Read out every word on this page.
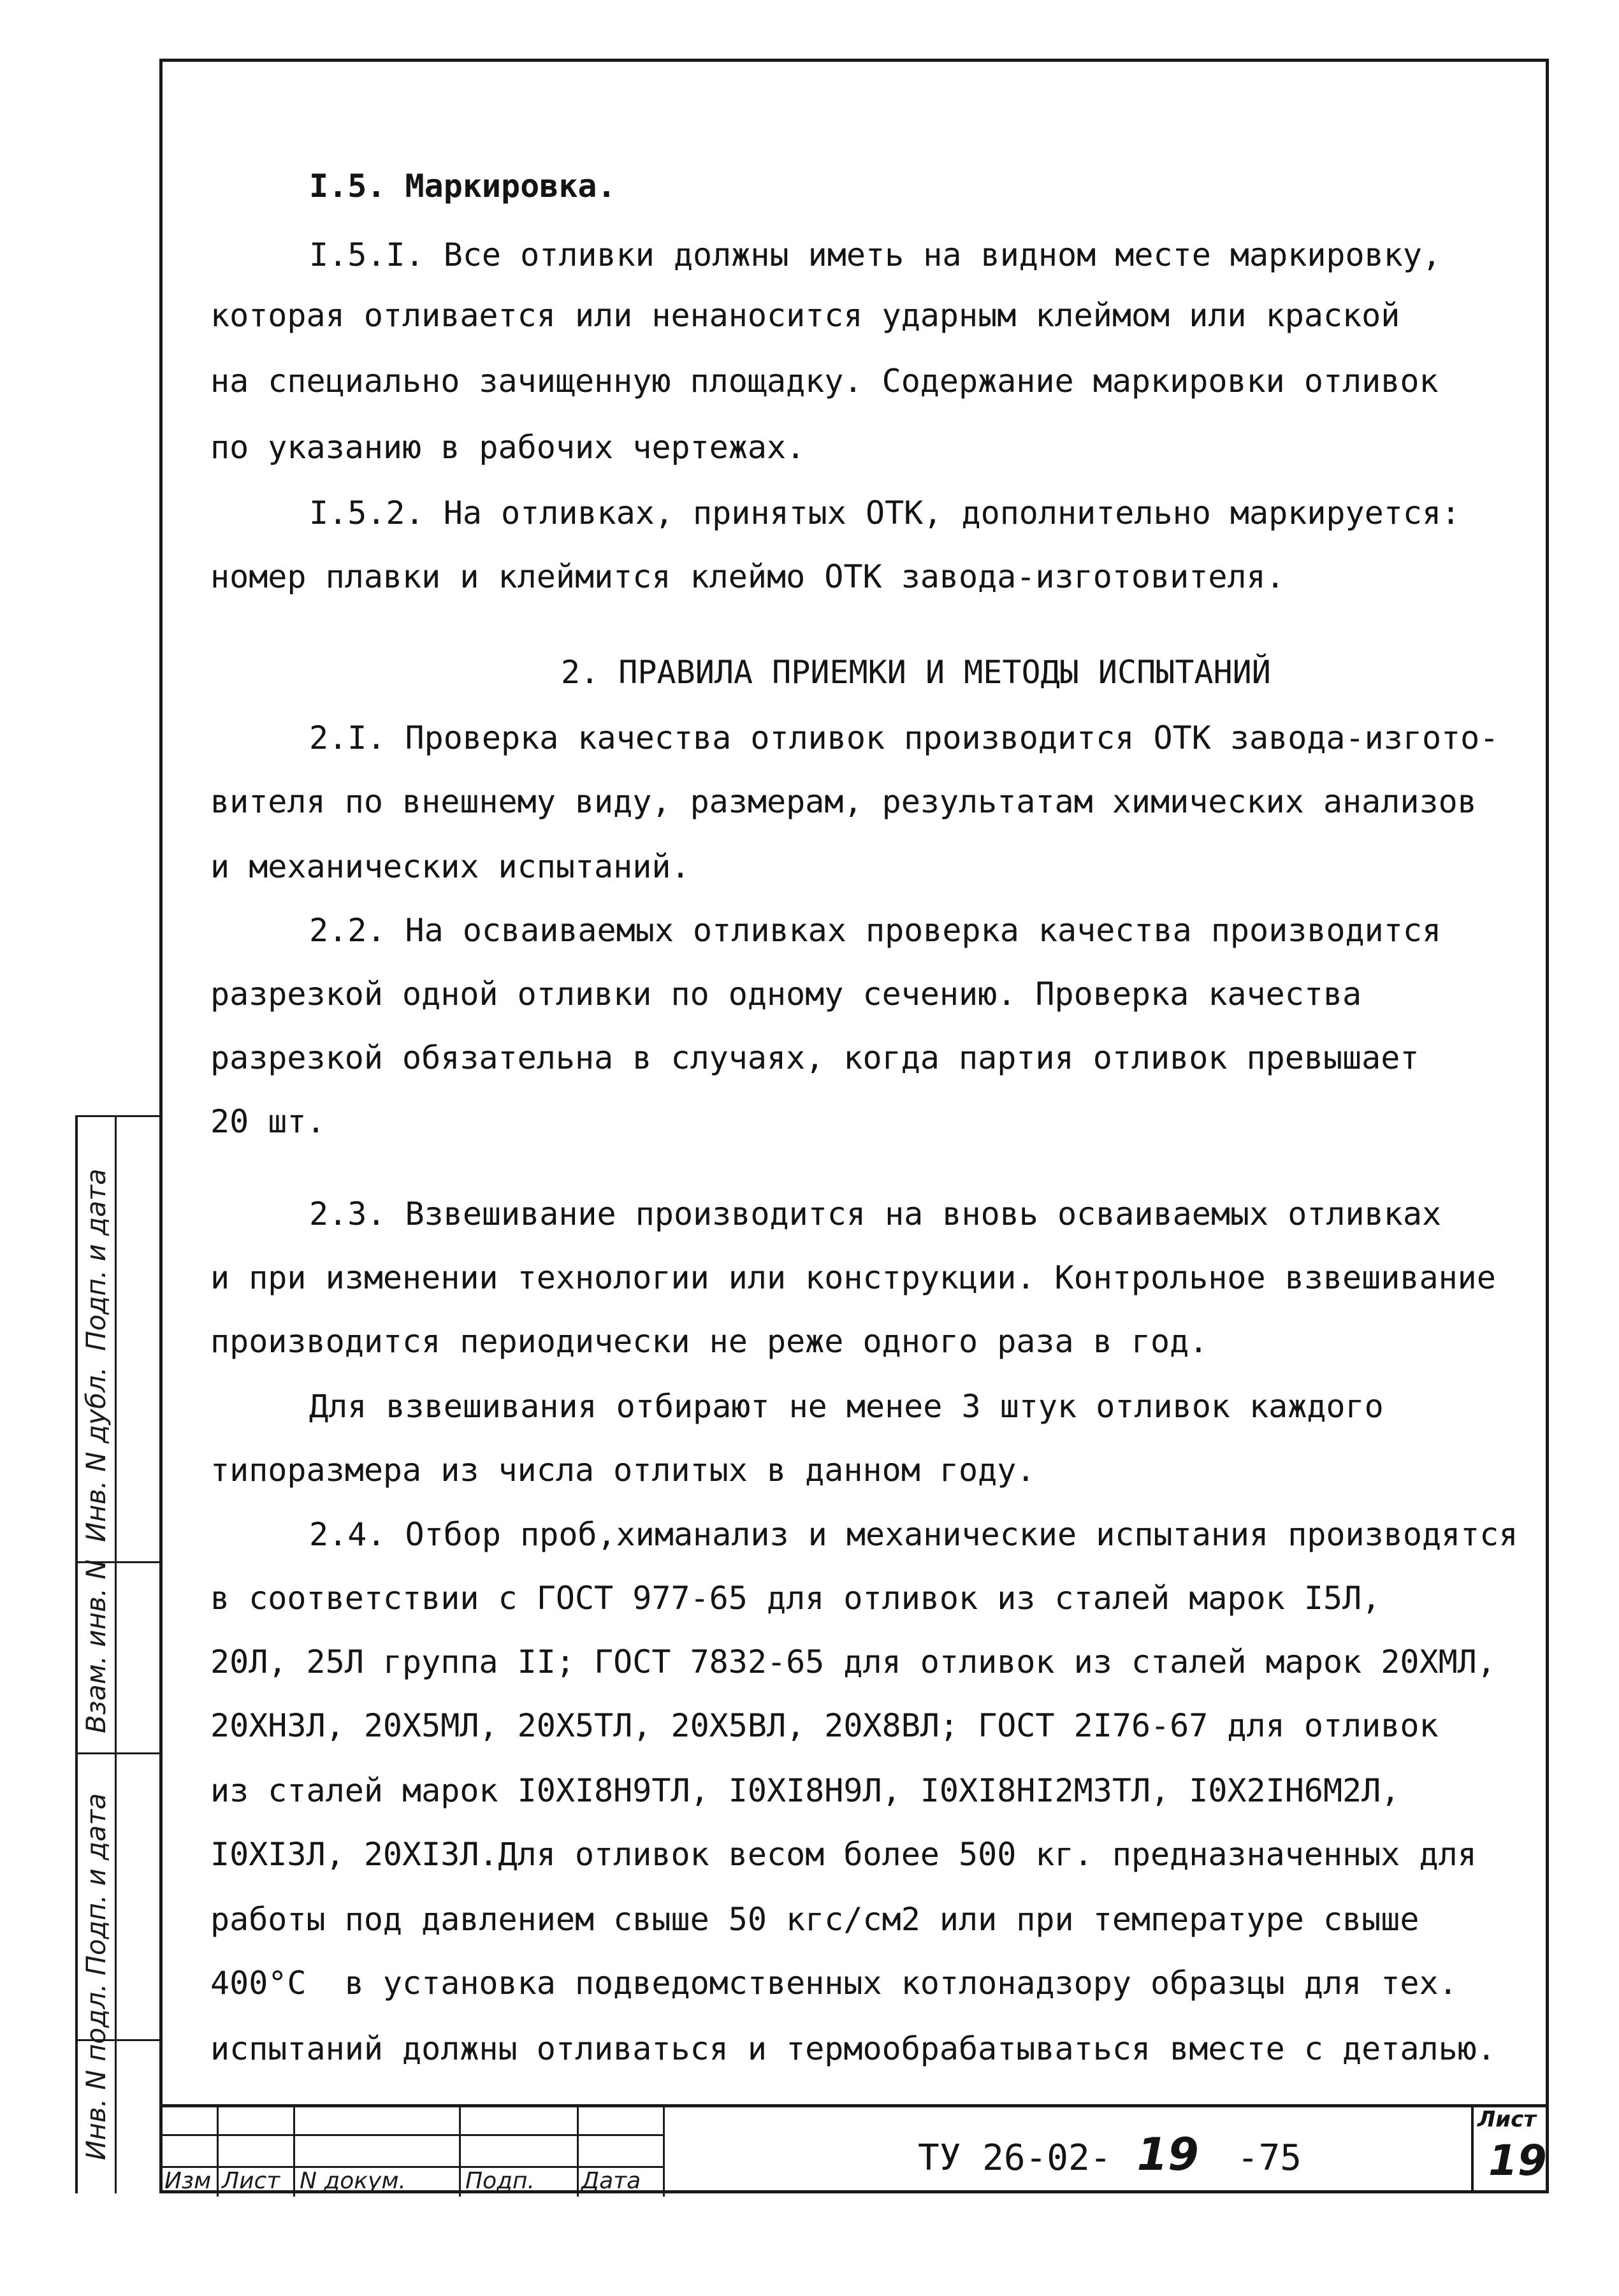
I.5. Маркировка.
I.5.I. Все отливки должны иметь на видном месте маркировку,
которая отливается или ненаносится ударным клеймом или краской
на специально зачищенную площадку. Содержание маркировки отливок
по указанию в рабочих чертежах.
I.5.2. На отливках, принятых ОТК, дополнительно маркируется:
номер плавки и клеймится клеймо ОТК завода-изготовителя.
2. ПРАВИЛА ПРИЕМКИ И МЕТОДЫ ИСПЫТАНИЙ
2.I. Проверка качества отливок производится ОТК завода-изгото-
вителя по внешнему виду, размерам, результатам химических анализов
и механических испытаний.
2.2. На осваиваемых отливках проверка качества производится
разрезкой одной отливки по одному сечению. Проверка качества
разрезкой обязательна в случаях, когда партия отливок превышает
20 шт.
2.3. Взвешивание производится на вновь осваиваемых отливках
и при изменении технологии или конструкции. Контрольное взвешивание
производится периодически не реже одного раза в год.
Для взвешивания отбирают не менее 3 штук отливок каждого
типоразмера из числа отлитых в данном году.
2.4. Отбор проб,химанализ и механические испытания производятся
в соответствии с ГОСТ 977-65 для отливок из сталей марок I5Л,
20Л, 25Л группа II; ГОСТ 7832-65 для отливок из сталей марок 20ХМЛ,
20ХН3Л, 20Х5МЛ, 20Х5ТЛ, 20Х5ВЛ, 20Х8ВЛ; ГОСТ 2I76-67 для отливок
из сталей марок I0XI8Н9ТЛ, I0XI8Н9Л, I0XI8НI2М3ТЛ, I0Х2IН6М2Л,
I0XI3Л, 20XI3Л.Для отливок весом более 500 кг. предназначенных для
работы под давлением свыше 50 кгс/см2 или при температуре свыше
400°С  в установка подведомственных котлонадзору образцы для тех.
испытаний должны отливаться и термообрабатываться вместе с деталью.
Инв. N подл.
Подп. и дата
Взам. инв. N
Инв. N дубл.
Подп. и дата
Изм Лист N докум.	Подп. Дата
ТУ 26-02- 19 -75
Лист
19
